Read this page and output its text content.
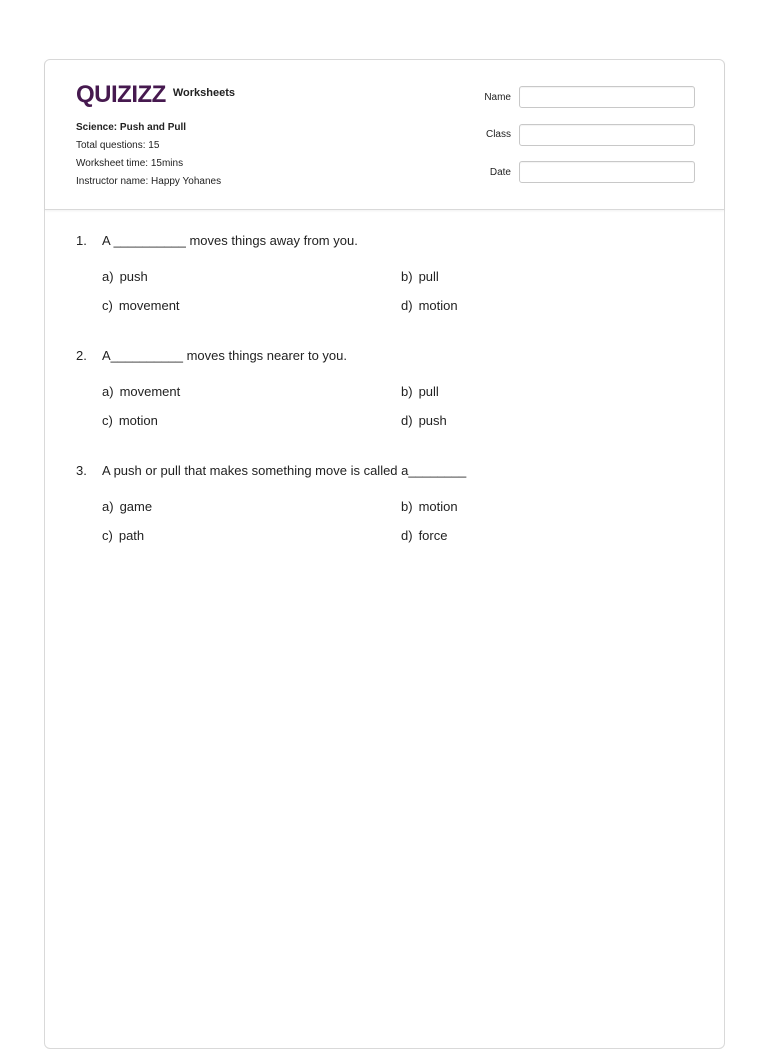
QUIZIZZ Worksheets
Science: Push and Pull
Total questions: 15
Worksheet time: 15mins
Instructor name: Happy Yohanes
Name
Class
Date
1.	A __________ moves things away from you.
a) push	b) pull
c) movement	d) motion
2.	A__________ moves things nearer to you.
a) movement	b) pull
c) motion	d) push
3.	A push or pull that makes something move is called a________
a) game	b) motion
c) path	d) force
